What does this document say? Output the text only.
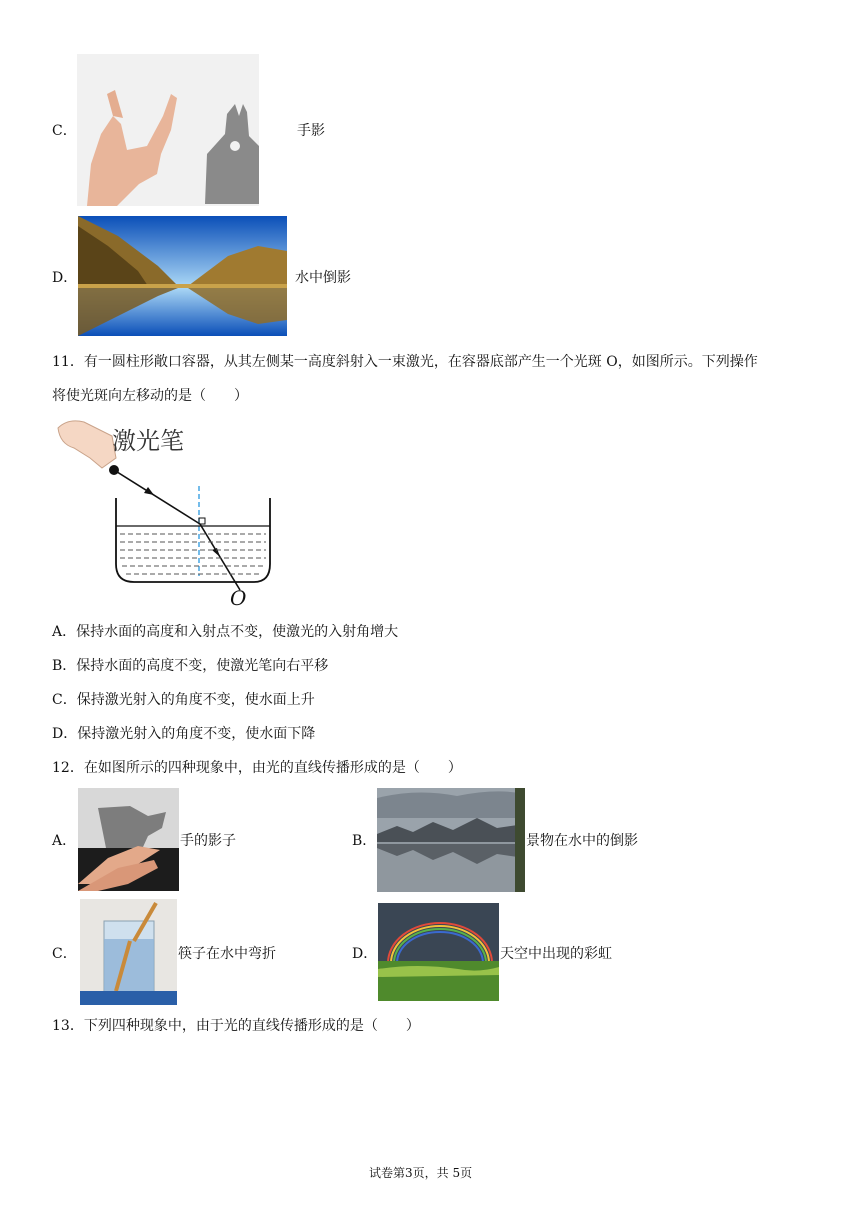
C．	手影
D．	水中倒影
11．有一圆柱形敞口容器，从其左侧某一高度斜射入一束激光，在容器底部产生一个光斑 O，如图所示。下列操作
将使光斑向左移动的是（　　）
激光笔
O
A．保持水面的高度和入射点不变，使激光的入射角增大
B．保持水面的高度不变，使激光笔向右平移
C．保持激光射入的角度不变，使水面上升
D．保持激光射入的角度不变，使水面下降
12．在如图所示的四种现象中，由光的直线传播形成的是（　　）
A．	手的影子	B．	景物在水中的倒影
C．	筷子在水中弯折	D．	天空中出现的彩虹
13．下列四种现象中，由于光的直线传播形成的是（　　）
试卷第3页，共 5页
